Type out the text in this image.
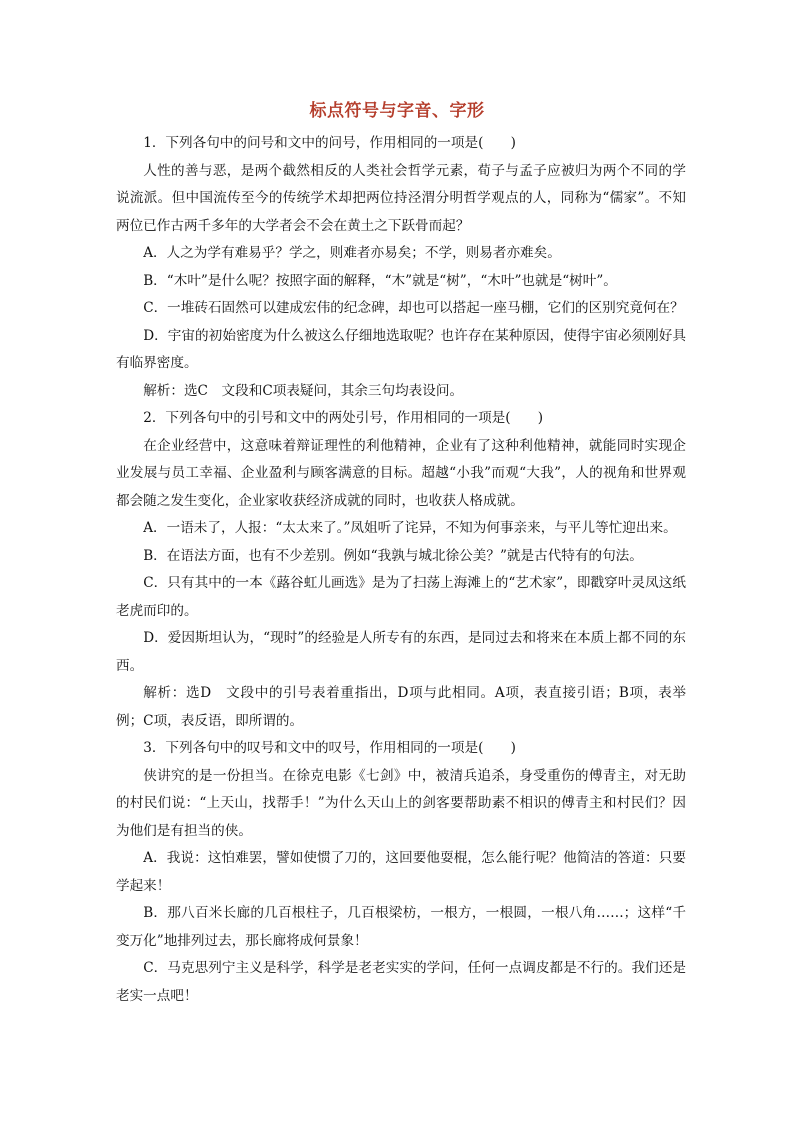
标点符号与字音、字形

1．下列各句中的问号和文中的问号，作用相同的一项是(　　)

人性的善与恶，是两个截然相反的人类社会哲学元素，荀子与孟子应被归为两个不同的学说流派。但中国流传至今的传统学术却把两位持泾渭分明哲学观点的人，同称为“儒家”。不知两位已作古两千多年的大学者会不会在黄土之下跃骨而起？

A．人之为学有难易乎？学之，则难者亦易矣；不学，则易者亦难矣。

B．“木叶”是什么呢？按照字面的解释，“木”就是“树”，“木叶”也就是“树叶”。

C．一堆砖石固然可以建成宏伟的纪念碑，却也可以搭起一座马棚，它们的区别究竟何在？

D．宇宙的初始密度为什么被这么仔细地选取呢？也许存在某种原因，使得宇宙必须刚好具有临界密度。

解析：选C　文段和C项表疑问，其余三句均表设问。

2．下列各句中的引号和文中的两处引号，作用相同的一项是(　　)

在企业经营中，这意味着辩证理性的利他精神，企业有了这种利他精神，就能同时实现企业发展与员工幸福、企业盈利与顾客满意的目标。超越“小我”而观“大我”，人的视角和世界观都会随之发生变化，企业家收获经济成就的同时，也收获人格成就。

A．一语未了，人报：“太太来了。”凤姐听了诧异，不知为何事亲来，与平儿等忙迎出来。

B．在语法方面，也有不少差别。例如“我孰与城北徐公美？”就是古代特有的句法。

C．只有其中的一本《蕗谷虹儿画选》是为了扫荡上海滩上的“艺术家”，即戳穿叶灵凤这纸老虎而印的。

D．爱因斯坦认为，“现时”的经验是人所专有的东西，是同过去和将来在本质上都不同的东西。

解析：选D　文段中的引号表着重指出，D项与此相同。A项，表直接引语；B项，表举例；C项，表反语，即所谓的。

3．下列各句中的叹号和文中的叹号，作用相同的一项是(　　)

侠讲究的是一份担当。在徐克电影《七剑》中，被清兵追杀，身受重伤的傅青主，对无助的村民们说：“上天山，找帮手！”为什么天山上的剑客要帮助素不相识的傅青主和村民们？因为他们是有担当的侠。

A．我说：这怕难罢，譬如使惯了刀的，这回要他耍棍，怎么能行呢？他简洁的答道：只要学起来！

B．那八百米长廊的几百根柱子，几百根梁枋，一根方，一根圆，一根八角……；这样“千变万化”地排列过去，那长廊将成何景象！

C．马克思列宁主义是科学，科学是老老实实的学问，任何一点调皮都是不行的。我们还是老实一点吧！
